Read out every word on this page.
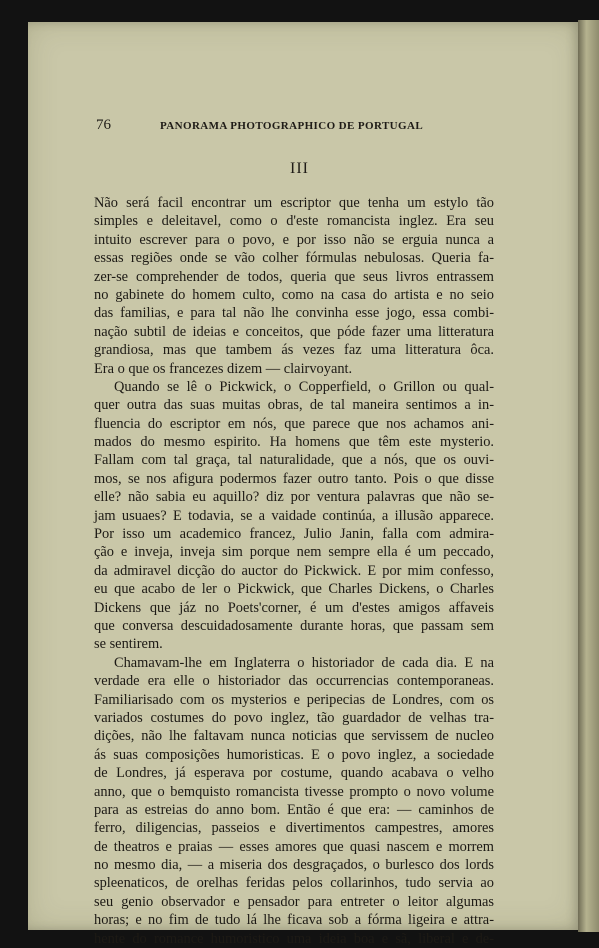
76	PANORAMA PHOTOGRAPHICO DE PORTUGAL
III
Não será facil encontrar um escriptor que tenha um estylo tão
simples e deleitavel, como o d'este romancista inglez. Era seu
intuito escrever para o povo, e por isso não se erguia nunca a
essas regiões onde se vão colher fórmulas nebulosas. Queria fa-
zer-se comprehender de todos, queria que seus livros entrassem
no gabinete do homem culto, como na casa do artista e no seio
das familias, e para tal não lhe convinha esse jogo, essa combi-
nação subtil de ideias e conceitos, que póde fazer uma litteratura
grandiosa, mas que tambem ás vezes faz uma litteratura ôca.
Era o que os francezes dizem — clairvoyant.
Quando se lê o Pickwick, o Copperfield, o Grillon ou qual-
quer outra das suas muitas obras, de tal maneira sentimos a in-
fluencia do escriptor em nós, que parece que nos achamos ani-
mados do mesmo espirito. Ha homens que têm este mysterio.
Fallam com tal graça, tal naturalidade, que a nós, que os ouvi-
mos, se nos afigura podermos fazer outro tanto. Pois o que disse
elle? não sabia eu aquillo? diz por ventura palavras que não se-
jam usuaes? E todavia, se a vaidade continúa, a illusão apparece.
Por isso um academico francez, Julio Janin, falla com admira-
ção e inveja, inveja sim porque nem sempre ella é um peccado,
da admiravel dicção do auctor do Pickwick. E por mim confesso,
eu que acabo de ler o Pickwick, que Charles Dickens, o Charles
Dickens que jáz no Poets'corner, é um d'estes amigos affaveis
que conversa descuidadosamente durante horas, que passam sem
se sentirem.
Chamavam-lhe em Inglaterra o historiador de cada dia. E na
verdade era elle o historiador das occurrencias contemporaneas.
Familiarisado com os mysterios e peripecias de Londres, com os
variados costumes do povo inglez, tão guardador de velhas tra-
dições, não lhe faltavam nunca noticias que servissem de nucleo
ás suas composições humoristicas. E o povo inglez, a sociedade
de Londres, já esperava por costume, quando acabava o velho
anno, que o bemquisto romancista tivesse prompto o novo volume
para as estreias do anno bom. Então é que era: — caminhos de
ferro, diligencias, passeios e divertimentos campestres, amores
de theatros e praias — esses amores que quasi nascem e morrem
no mesmo dia, — a miseria dos desgraçados, o burlesco dos lords
spleenaticos, de orelhas feridas pelos collarinhos, tudo servia ao
seu genio observador e pensador para entreter o leitor algumas
horas; e no fim de tudo lá lhe ficava sob a fórma ligeira e attra-
hente do romance humoristico uma ideia boa e sã, liberal e de-
